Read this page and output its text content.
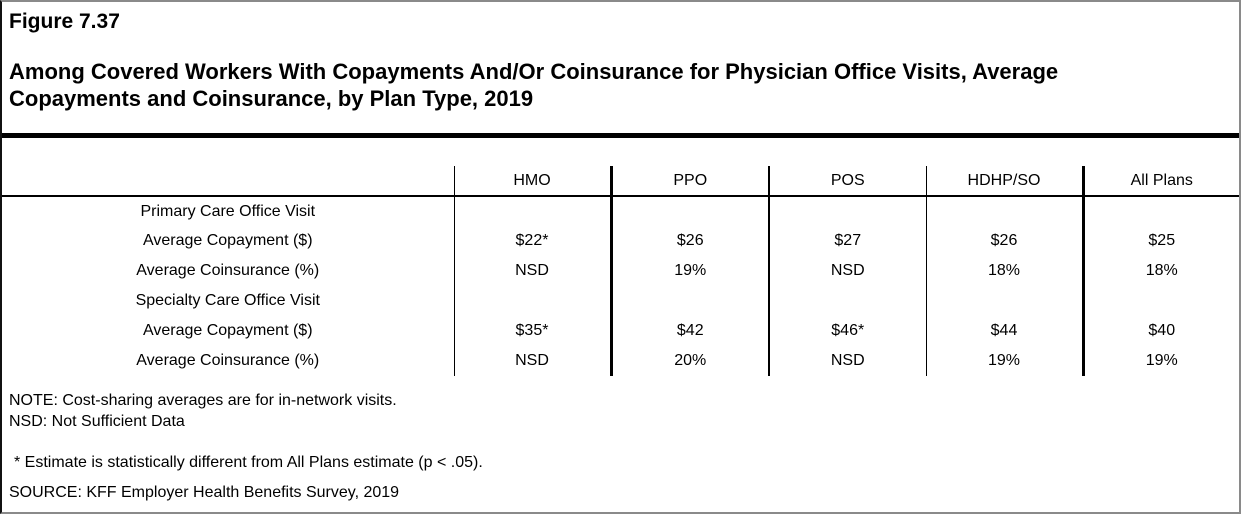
Figure 7.37
Among Covered Workers With Copayments And/Or Coinsurance for Physician Office Visits, Average
Copayments and Coinsurance, by Plan Type, 2019
	HMO	PPO	POS	HDHP/SO	All Plans
Primary Care Office Visit					
Average Copayment ($)	$22*	$26	$27	$26	$25
Average Coinsurance (%)	NSD	19%	NSD	18%	18%
Specialty Care Office Visit					
Average Copayment ($)	$35*	$42	$46*	$44	$40
Average Coinsurance (%)	NSD	20%	NSD	19%	19%
NOTE: Cost-sharing averages are for in-network visits.
NSD: Not Sufficient Data
* Estimate is statistically different from All Plans estimate (p < .05).
SOURCE: KFF Employer Health Benefits Survey, 2019
